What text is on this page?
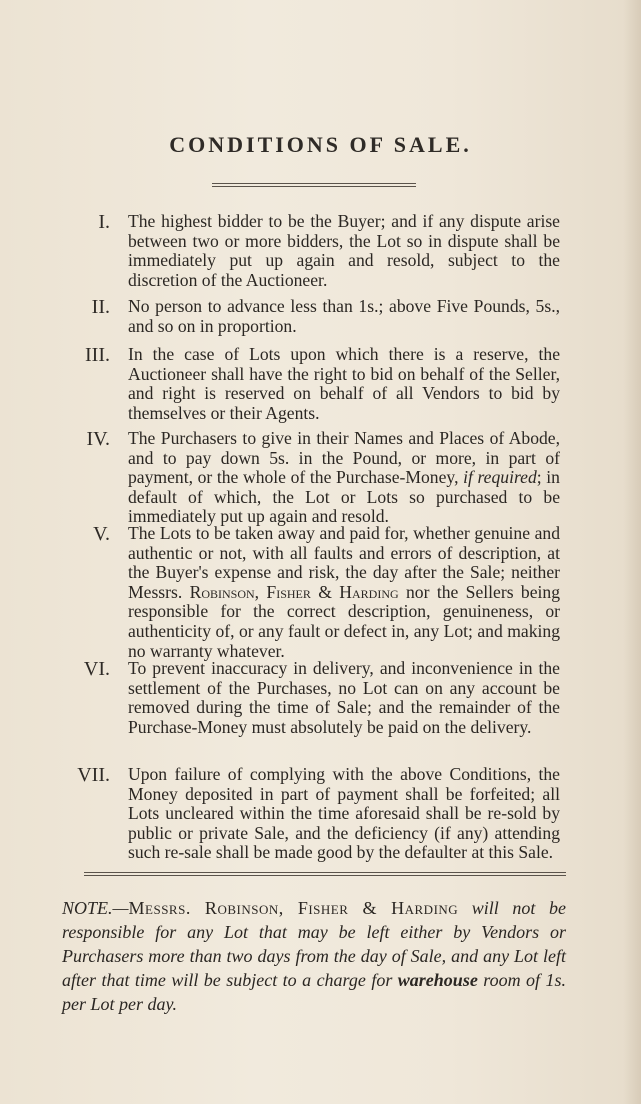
CONDITIONS OF SALE.
I. The highest bidder to be the Buyer; and if any dispute arise between two or more bidders, the Lot so in dispute shall be immediately put up again and resold, subject to the discretion of the Auctioneer.
II. No person to advance less than 1s.; above Five Pounds, 5s., and so on in proportion.
III. In the case of Lots upon which there is a reserve, the Auctioneer shall have the right to bid on behalf of the Seller, and right is reserved on behalf of all Vendors to bid by themselves or their Agents.
IV. The Purchasers to give in their Names and Places of Abode, and to pay down 5s. in the Pound, or more, in part of payment, or the whole of the Purchase-Money, if required; in default of which, the Lot or Lots so purchased to be immediately put up again and resold.
V. The Lots to be taken away and paid for, whether genuine and authentic or not, with all faults and errors of description, at the Buyer's expense and risk, the day after the Sale; neither Messrs. Robinson, Fisher & Harding nor the Sellers being responsible for the correct description, genuineness, or authenticity of, or any fault or defect in, any Lot; and making no warranty whatever.
VI. To prevent inaccuracy in delivery, and inconvenience in the settlement of the Purchases, no Lot can on any account be removed during the time of Sale; and the remainder of the Purchase-Money must absolutely be paid on the delivery.
VII. Upon failure of complying with the above Conditions, the Money deposited in part of payment shall be forfeited; all Lots uncleared within the time aforesaid shall be re-sold by public or private Sale, and the deficiency (if any) attending such re-sale shall be made good by the defaulter at this Sale.
NOTE.—Messrs. Robinson, Fisher & Harding will not be responsible for any Lot that may be left either by Vendors or Purchasers more than two days from the day of Sale, and any Lot left after that time will be subject to a charge for warehouse room of 1s. per Lot per day.
